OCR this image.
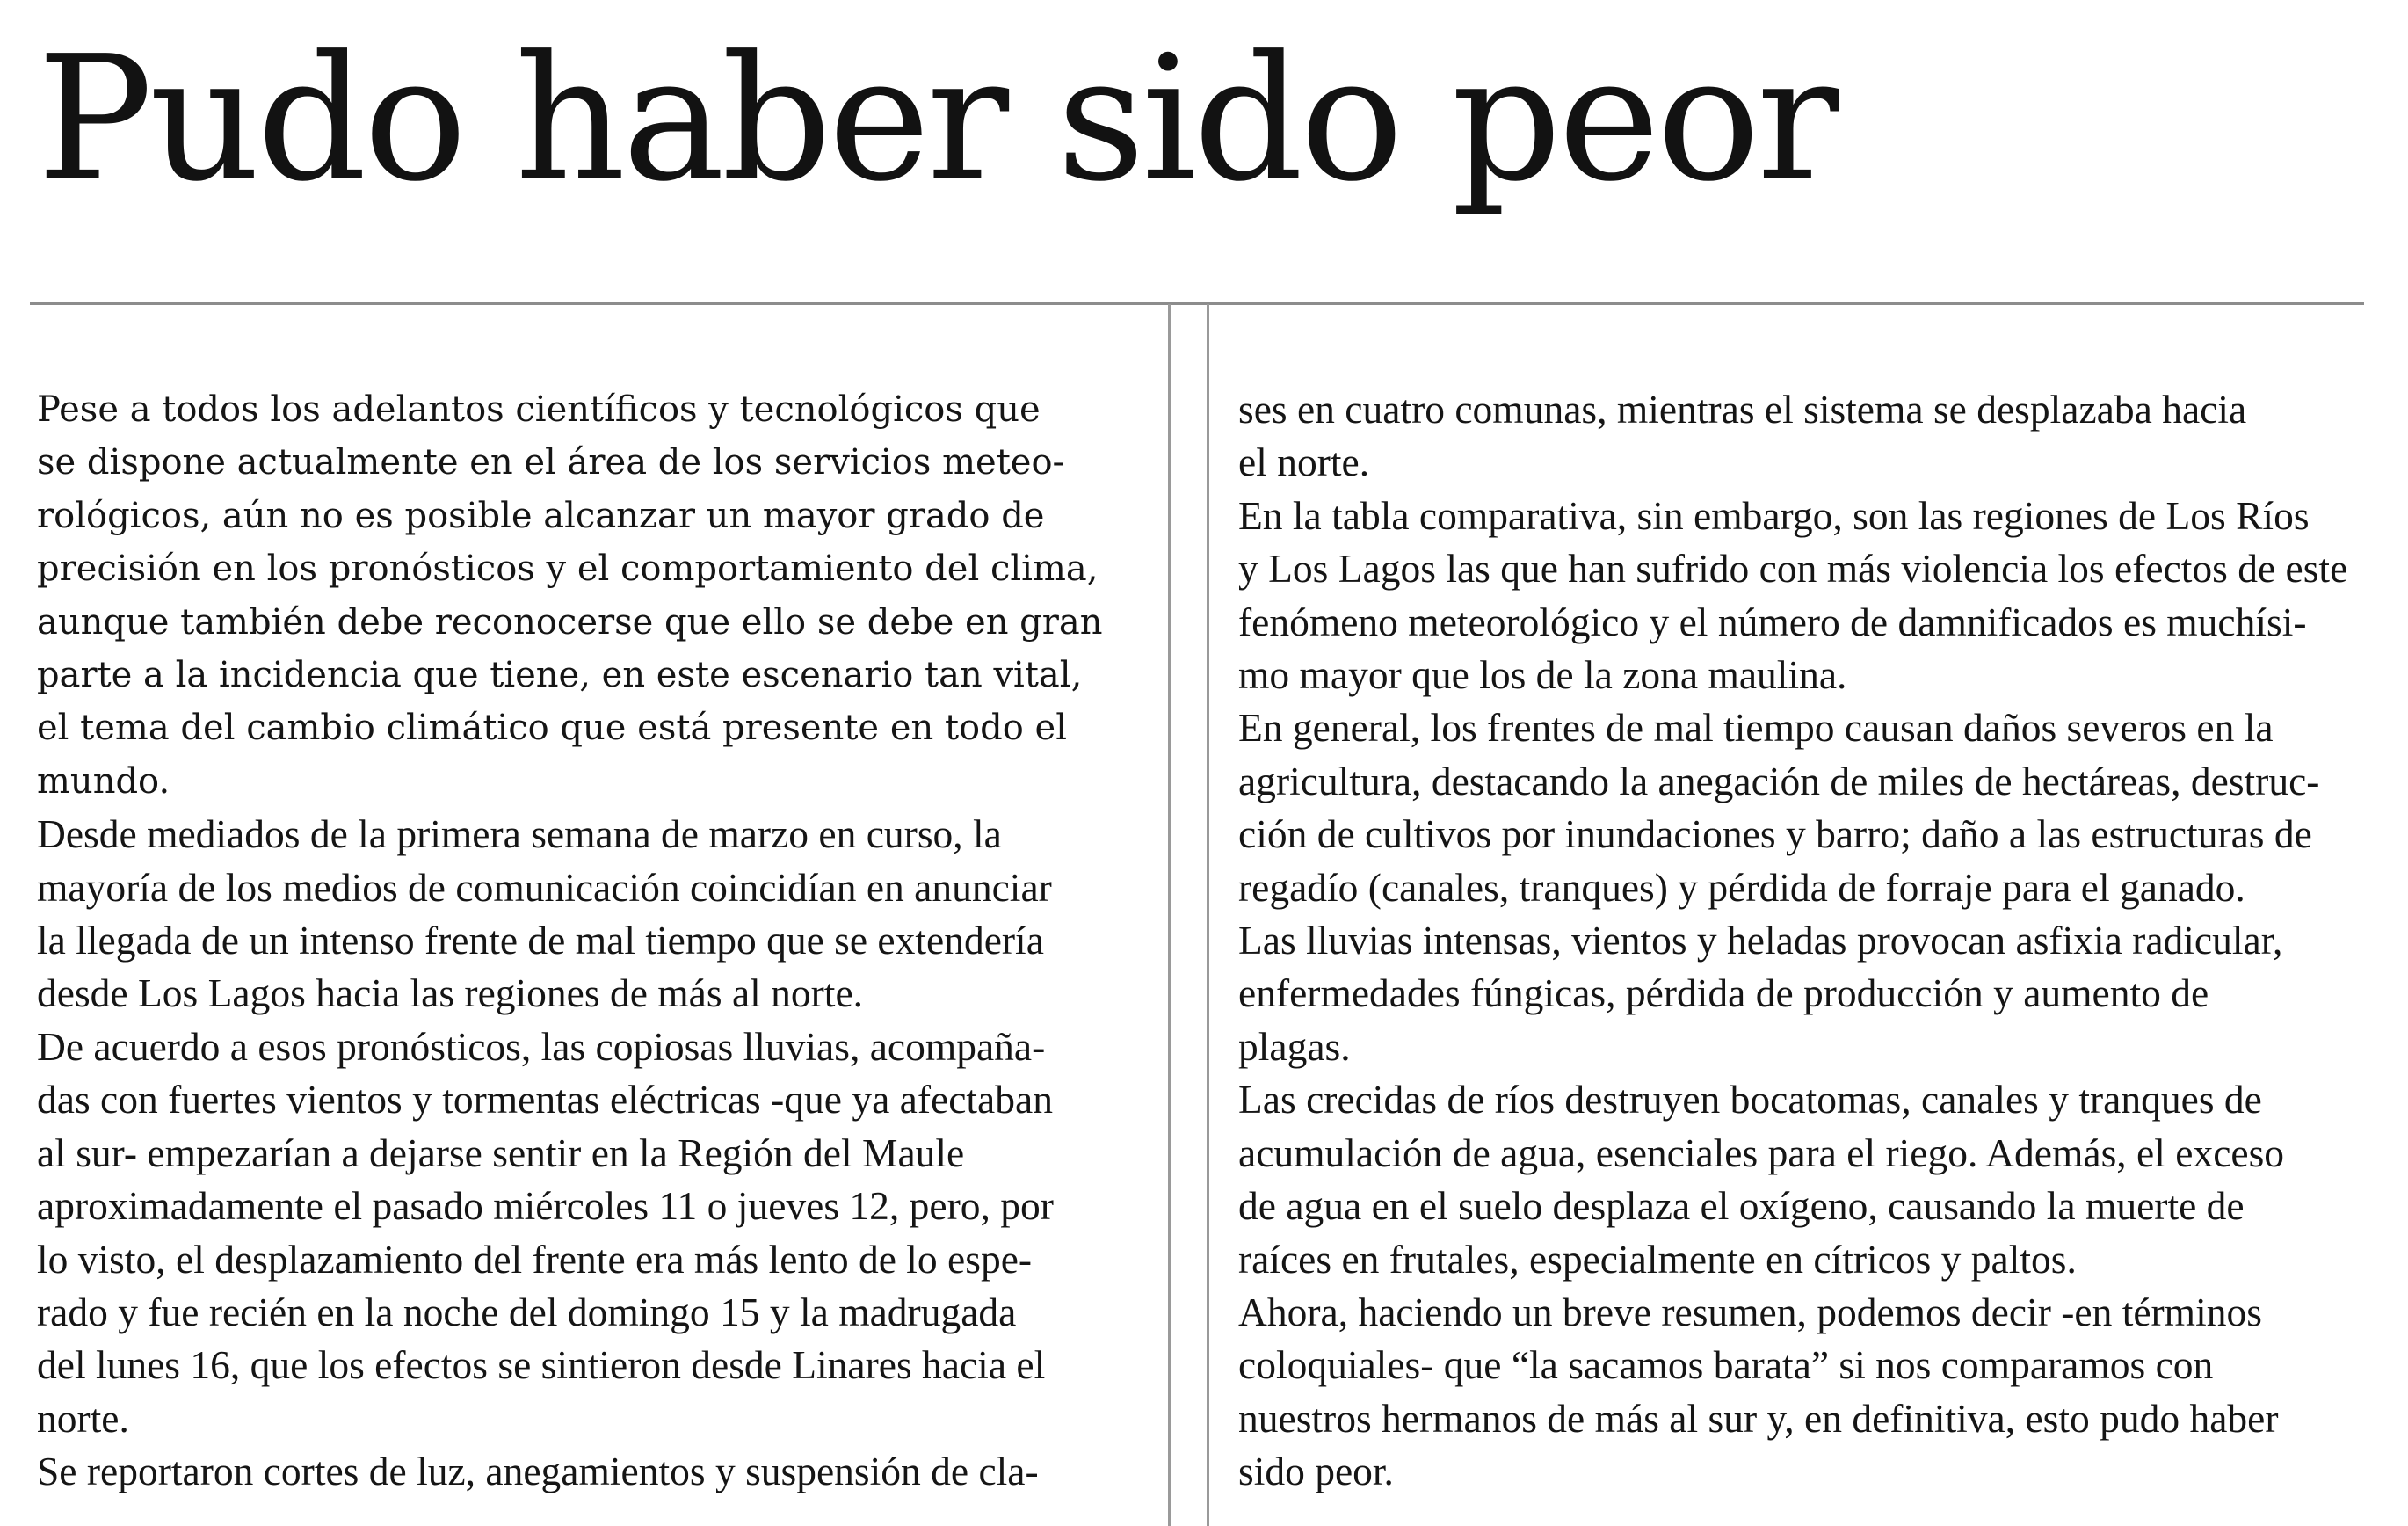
Pudo haber sido peor
Pese a todos los adelantos científicos y tecnológicos que
se dispone actualmente en el área de los servicios meteo-
rológicos, aún no es posible alcanzar un mayor grado de
precisión en los pronósticos y el comportamiento del clima,
aunque también debe reconocerse que ello se debe en gran
parte a la incidencia que tiene, en este escenario tan vital,
el tema del cambio climático que está presente en todo el
mundo.
Desde mediados de la primera semana de marzo en curso, la
mayoría de los medios de comunicación coincidían en anunciar
la llegada de un intenso frente de mal tiempo que se extendería
desde Los Lagos hacia las regiones de más al norte.
De acuerdo a esos pronósticos, las copiosas lluvias, acompaña-
das con fuertes vientos y tormentas eléctricas -que ya afectaban
al sur- empezarían a dejarse sentir en la Región del Maule
aproximadamente el pasado miércoles 11 o jueves 12, pero, por
lo visto, el desplazamiento del frente era más lento de lo espe-
rado y fue recién en la noche del domingo 15 y la madrugada
del lunes 16, que los efectos se sintieron desde Linares hacia el
norte.
Se reportaron cortes de luz, anegamientos y suspensión de cla-
ses en cuatro comunas, mientras el sistema se desplazaba hacia
el norte.
En la tabla comparativa, sin embargo, son las regiones de Los Ríos
y Los Lagos las que han sufrido con más violencia los efectos de este
fenómeno meteorológico y el número de damnificados es muchísi-
mo mayor que los de la zona maulina.
En general, los frentes de mal tiempo causan daños severos en la
agricultura, destacando la anegación de miles de hectáreas, destruc-
ción de cultivos por inundaciones y barro; daño a las estructuras de
regadío (canales, tranques) y pérdida de forraje para el ganado.
Las lluvias intensas, vientos y heladas provocan asfixia radicular,
enfermedades fúngicas, pérdida de producción y aumento de
plagas.
Las crecidas de ríos destruyen bocatomas, canales y tranques de
acumulación de agua, esenciales para el riego. Además, el exceso
de agua en el suelo desplaza el oxígeno, causando la muerte de
raíces en frutales, especialmente en cítricos y paltos.
Ahora, haciendo un breve resumen, podemos decir -en términos
coloquiales- que “la sacamos barata” si nos comparamos con
nuestros hermanos de más al sur y, en definitiva, esto pudo haber
sido peor.
